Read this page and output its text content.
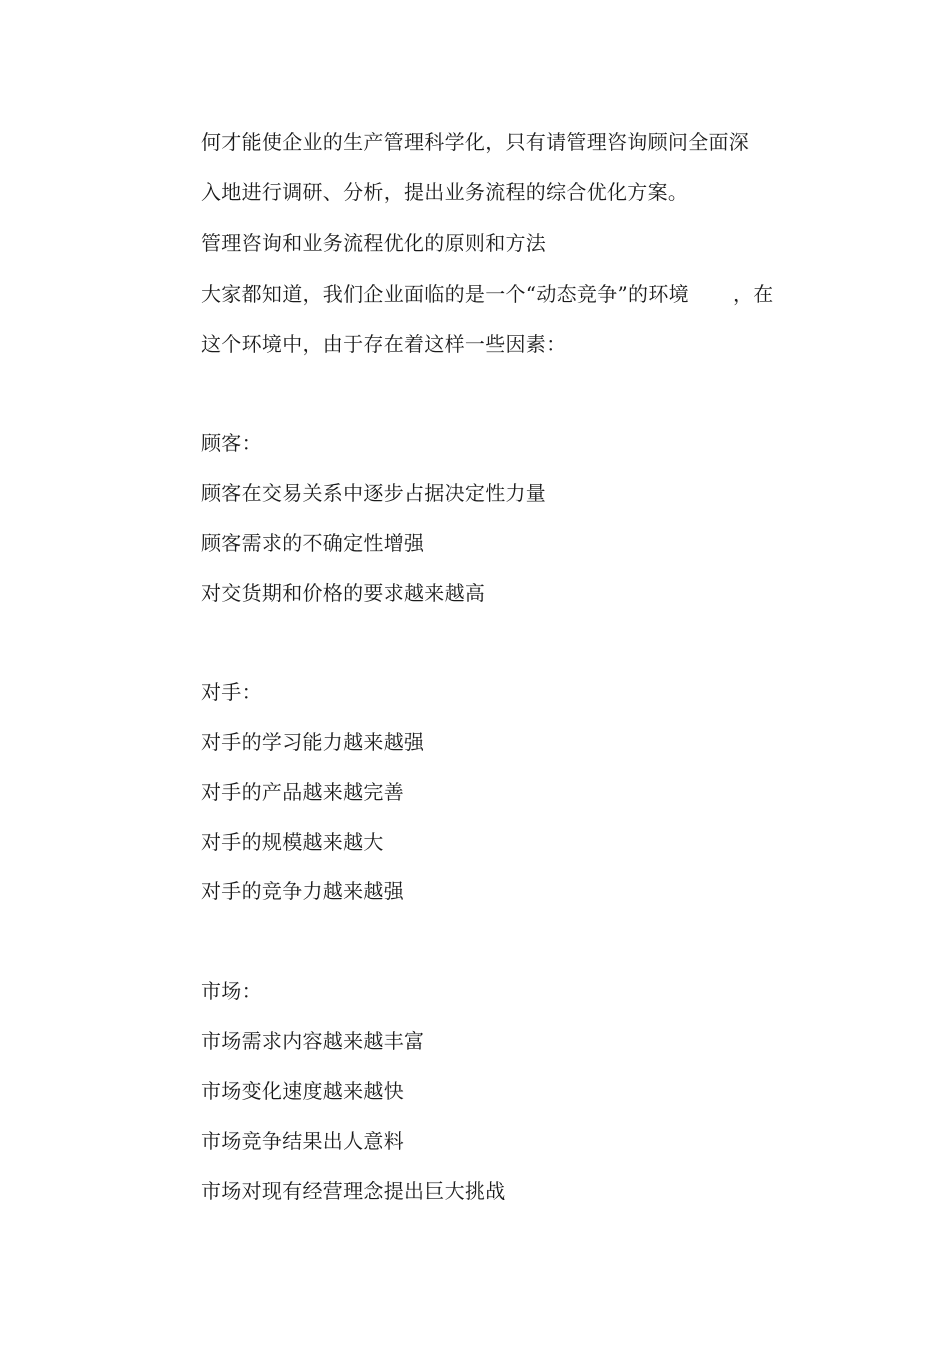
何才能使企业的生产管理科学化，只有请管理咨询顾问全面深
入地进行调研、分析，提出业务流程的综合优化方案。
管理咨询和业务流程优化的原则和方法
大家都知道，我们企业面临的是一个“动态竞争”的环境 ，在
这个环境中，由于存在着这样一些因素：
顾客：
顾客在交易关系中逐步占据决定性力量
顾客需求的不确定性增强
对交货期和价格的要求越来越高
对手：
对手的学习能力越来越强
对手的产品越来越完善
对手的规模越来越大
对手的竞争力越来越强
市场：
市场需求内容越来越丰富
市场变化速度越来越快
市场竞争结果出人意料
市场对现有经营理念提出巨大挑战
